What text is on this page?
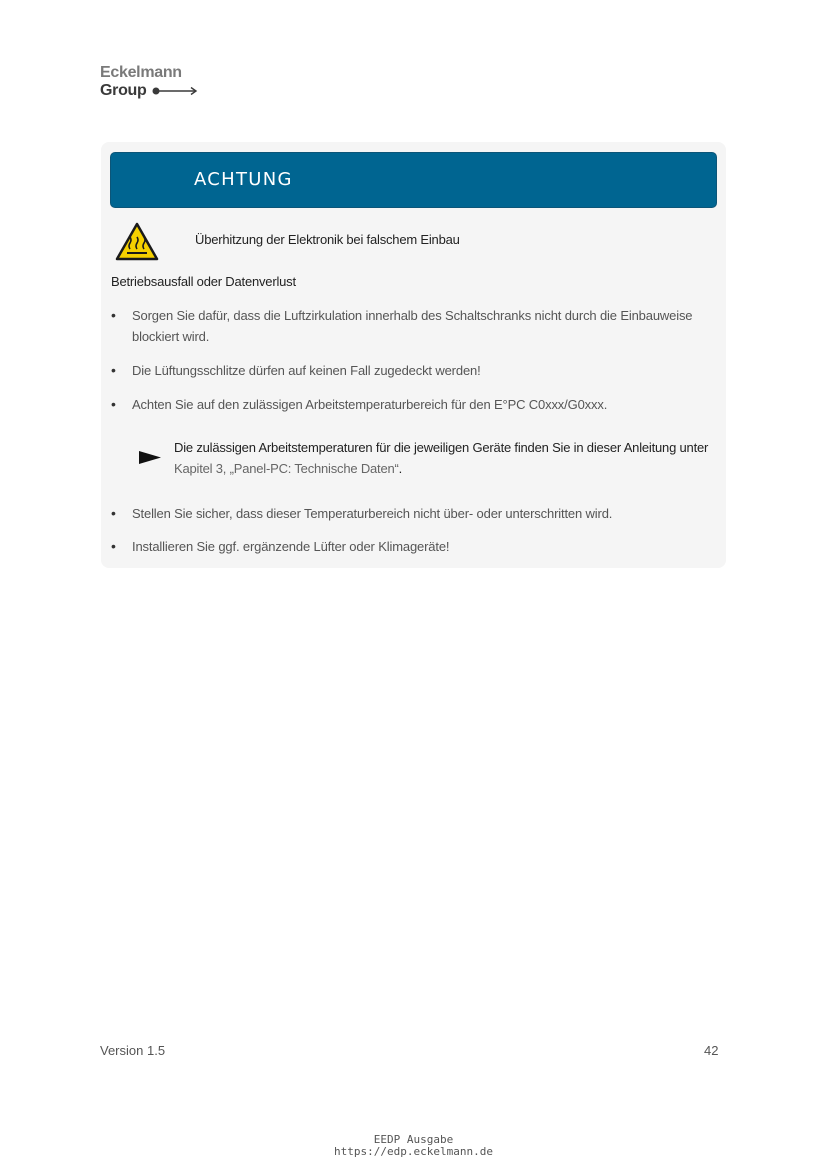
Eckelmann
Group
ACHTUNG
Überhitzung der Elektronik bei falschem Einbau
Betriebsausfall oder Datenverlust
•	Sorgen Sie dafür, dass die Luftzirkulation innerhalb des Schaltschranks nicht durch die Einbauweise blockiert wird.
•	Die Lüftungsschlitze dürfen auf keinen Fall zugedeckt werden!
•	Achten Sie auf den zulässigen Arbeitstemperaturbereich für den E°PC C0xxx/G0xxx.
Die zulässigen Arbeitstemperaturen für die jeweiligen Geräte finden Sie in dieser Anleitung unter Kapitel 3, „Panel-PC: Technische Daten“.
•	Stellen Sie sicher, dass dieser Temperaturbereich nicht über- oder unterschritten wird.
•	Installieren Sie ggf. ergänzende Lüfter oder Klimageräte!
Version 1.5	42
EEDP Ausgabe
https://edp.eckelmann.de
